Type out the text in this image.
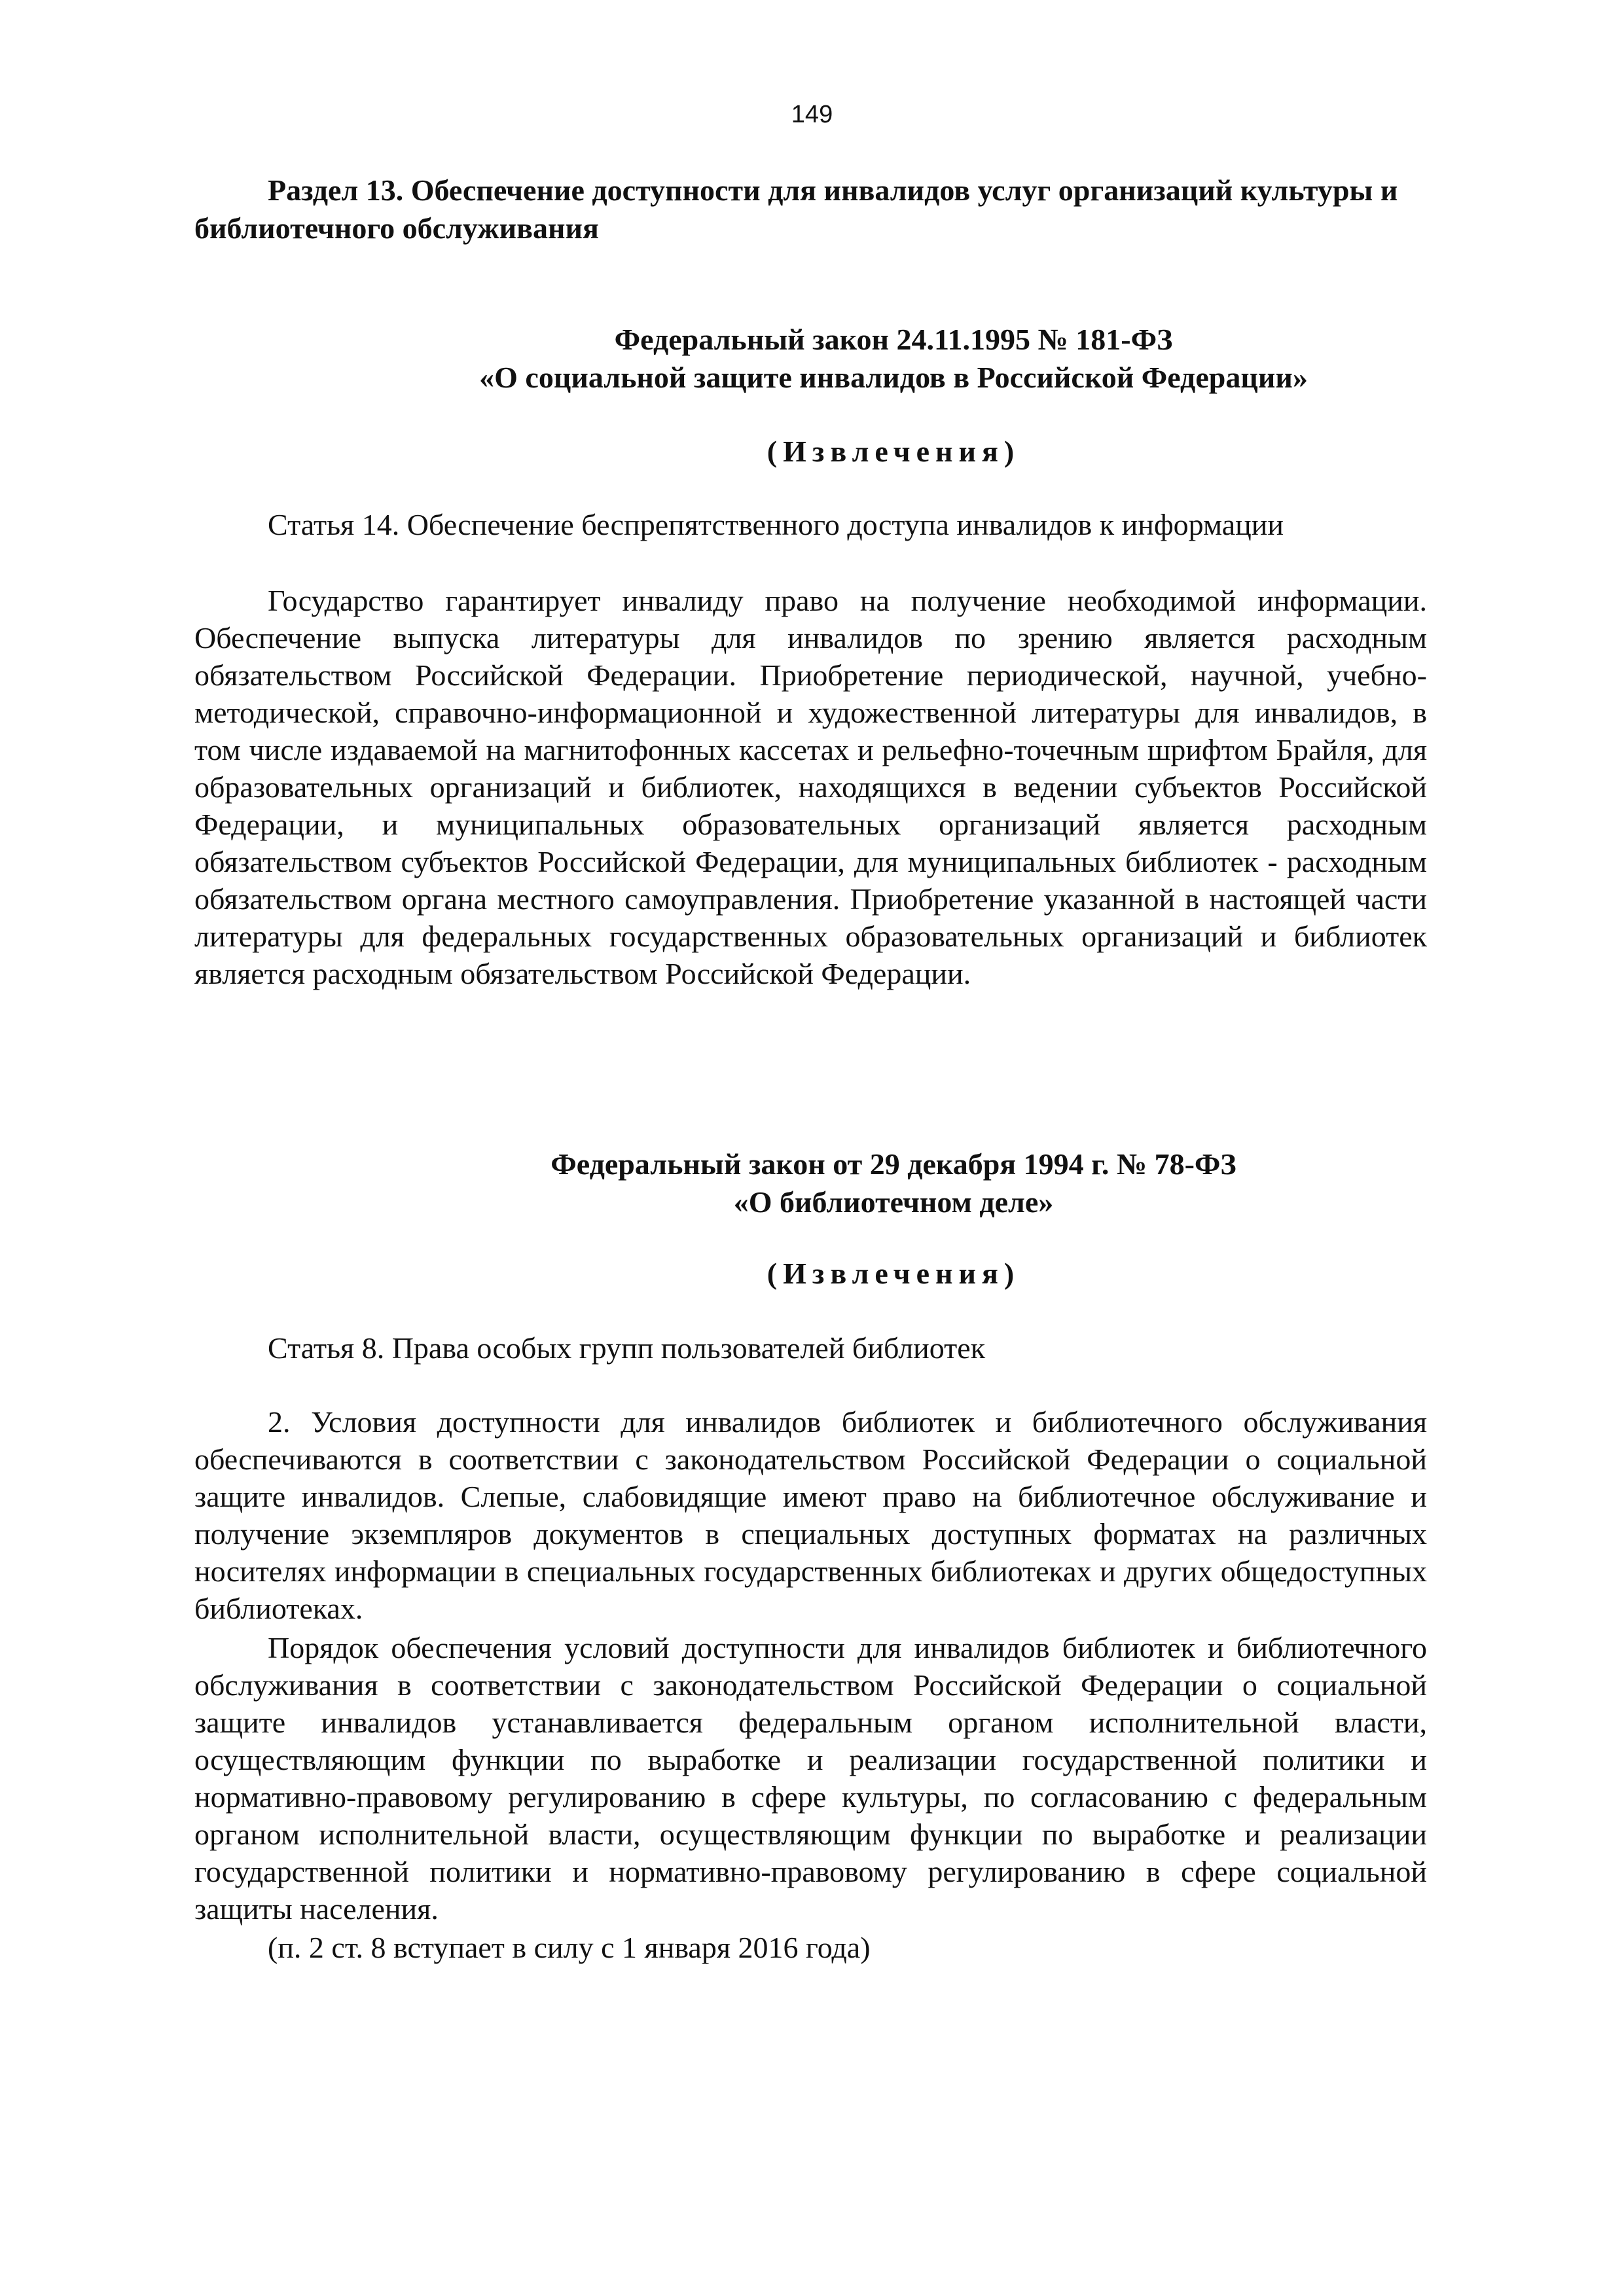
149
Раздел 13. Обеспечение доступности для инвалидов услуг организаций культуры и библиотечного обслуживания
Федеральный закон 24.11.1995 № 181-ФЗ
«О социальной защите инвалидов в Российской Федерации»
(Извлечения)
Статья 14. Обеспечение беспрепятственного доступа инвалидов к информации
Государство гарантирует инвалиду право на получение необходимой информации. Обеспечение выпуска литературы для инвалидов по зрению является расходным обязательством Российской Федерации. Приобретение периодической, научной, учебно-методической, справочно-информационной и художественной литературы для инвалидов, в том числе издаваемой на магнитофонных кассетах и рельефно-точечным шрифтом Брайля, для образовательных организаций и библиотек, находящихся в ведении субъектов Российской Федерации, и муниципальных образовательных организаций является расходным обязательством субъектов Российской Федерации, для муниципальных библиотек - расходным обязательством органа местного самоуправления. Приобретение указанной в настоящей части литературы для федеральных государственных образовательных организаций и библиотек является расходным обязательством Российской Федерации.
Федеральный закон от 29 декабря 1994 г. № 78-ФЗ
«О библиотечном деле»
(Извлечения)
Статья 8. Права особых групп пользователей библиотек
2. Условия доступности для инвалидов библиотек и библиотечного обслуживания обеспечиваются в соответствии с законодательством Российской Федерации о социальной защите инвалидов. Слепые, слабовидящие имеют право на библиотечное обслуживание и получение экземпляров документов в специальных доступных форматах на различных носителях информации в специальных государственных библиотеках и других общедоступных библиотеках.
Порядок обеспечения условий доступности для инвалидов библиотек и библиотечного обслуживания в соответствии с законодательством Российской Федерации о социальной защите инвалидов устанавливается федеральным органом исполнительной власти, осуществляющим функции по выработке и реализации государственной политики и нормативно-правовому регулированию в сфере культуры, по согласованию с федеральным органом исполнительной власти, осуществляющим функции по выработке и реализации государственной политики и нормативно-правовому регулированию в сфере социальной защиты населения.
(п. 2 ст. 8 вступает в силу с 1 января 2016 года)
